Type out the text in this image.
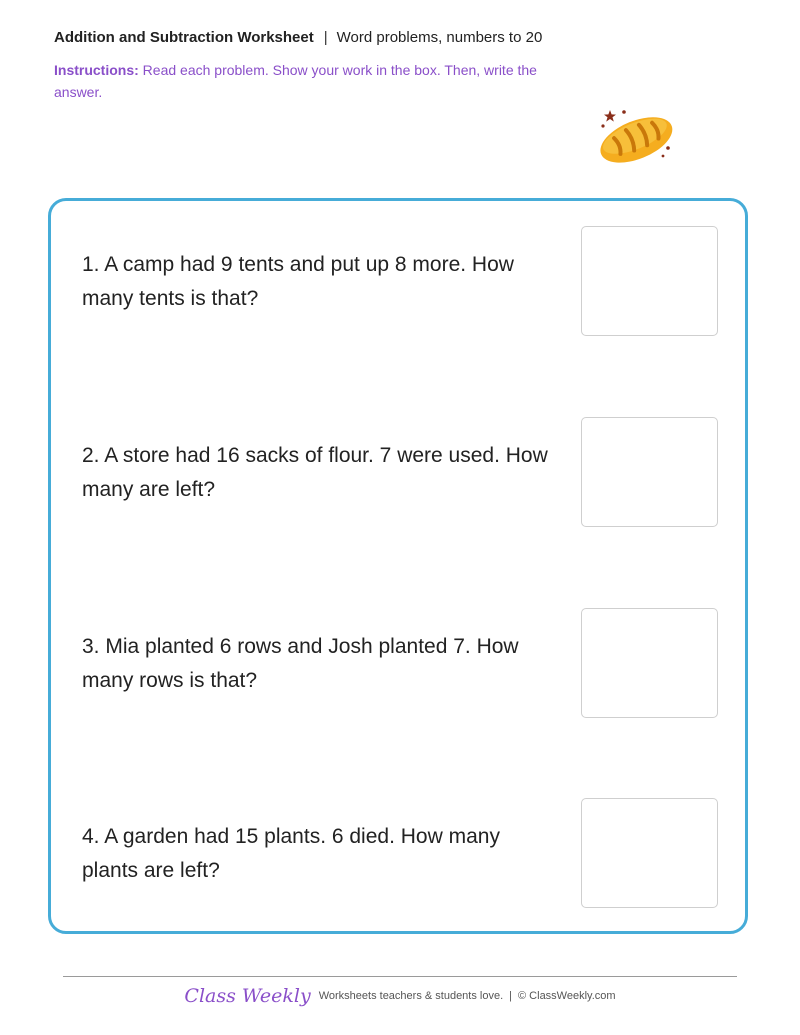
Addition and Subtraction Worksheet | Word problems, numbers to 20
Instructions: Read each problem. Show your work in the box. Then, write the answer.
1. A camp had 9 tents and put up 8 more. How many tents is that?
2. A store had 16 sacks of flour. 7 were used. How many are left?
3. Mia planted 6 rows and Josh planted 7. How many rows is that?
4. A garden had 15 plants. 6 died. How many plants are left?
Class Weekly Worksheets teachers & students love. | © ClassWeekly.com
